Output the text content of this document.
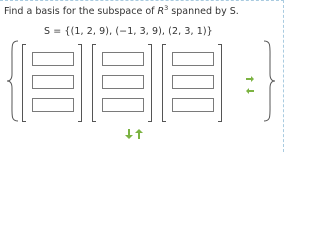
Find a basis for the subspace of $R^3$ spanned by S.
S = {(1, 2, 9), (−1, 3, 9), (2, 3, 1)}
